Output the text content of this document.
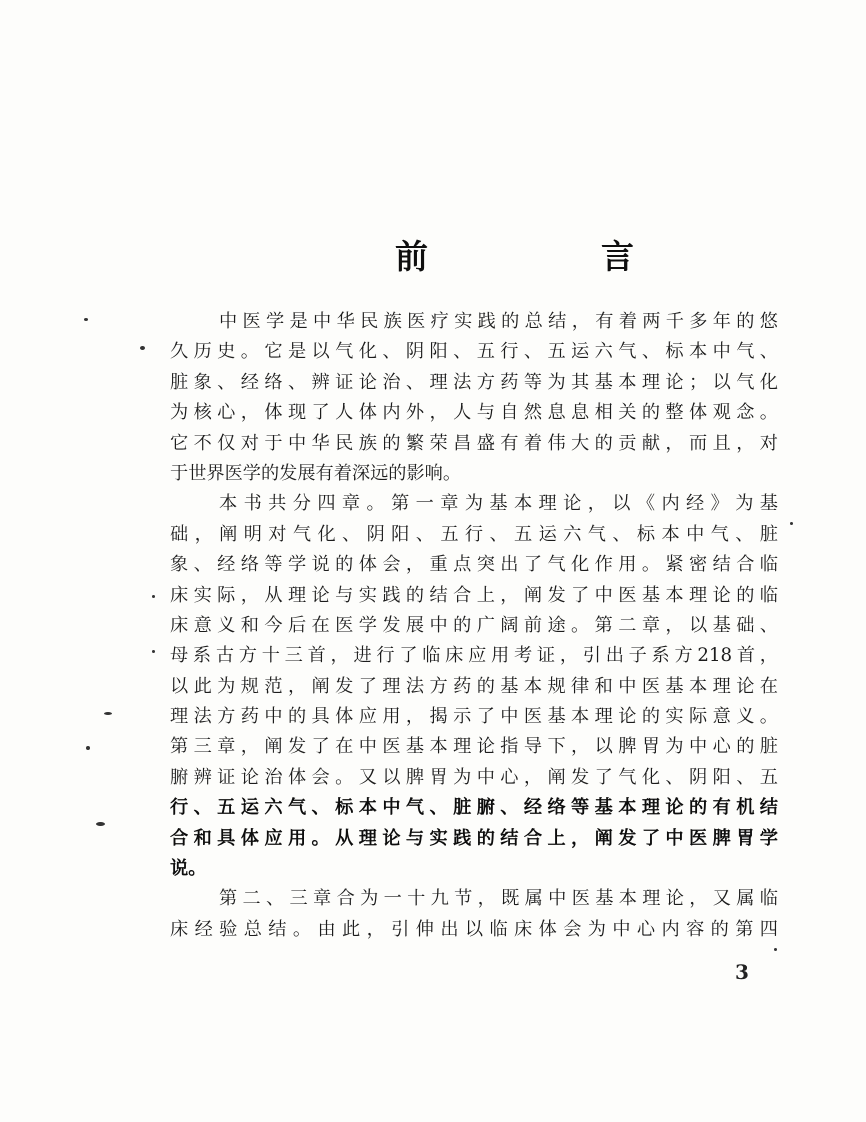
前　言
中医学是中华民族医疗实践的总结，有着两千多年的悠
久历史。它是以气化、阴阳、五行、五运六气、标本中气、
脏象、经络、辨证论治、理法方药等为其基本理论；以气化
为核心，体现了人体内外，人与自然息息相关的整体观念。
它不仅对于中华民族的繁荣昌盛有着伟大的贡献，而且，对
于世界医学的发展有着深远的影响。
本书共分四章。第一章为基本理论，以《内经》为基
础，阐明对气化、阴阳、五行、五运六气、标本中气、脏
象、经络等学说的体会，重点突出了气化作用。紧密结合临
床实际，从理论与实践的结合上，阐发了中医基本理论的临
床意义和今后在医学发展中的广阔前途。第二章，以基础、
母系古方十三首，进行了临床应用考证，引出子系方218首，
以此为规范，阐发了理法方药的基本规律和中医基本理论在
理法方药中的具体应用，揭示了中医基本理论的实际意义。
第三章，阐发了在中医基本理论指导下，以脾胃为中心的脏
腑辨证论治体会。又以脾胃为中心，阐发了气化、阴阳、五
行、五运六气、标本中气、脏腑、经络等基本理论的有机结
合和具体应用。从理论与实践的结合上，阐发了中医脾胃学
说。
第二、三章合为一十九节，既属中医基本理论，又属临
床经验总结。由此，引伸出以临床体会为中心内容的第四
3
